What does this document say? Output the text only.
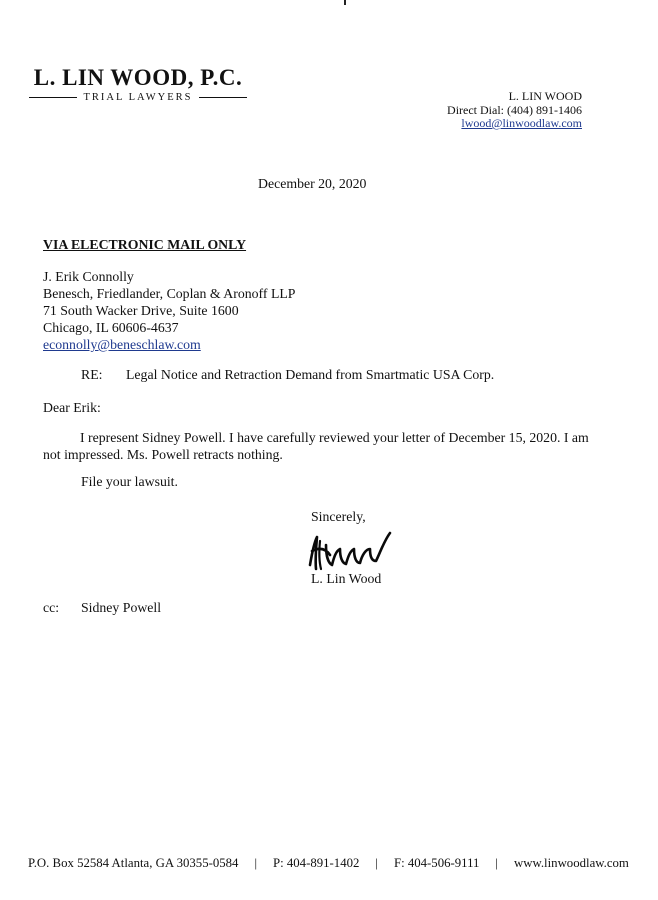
L. LIN WOOD, P.C.
TRIAL LAWYERS	L. LIN WOOD
Direct Dial: (404) 891-1406
lwood@linwoodlaw.com
December 20, 2020
VIA ELECTRONIC MAIL ONLY
J. Erik Connolly
Benesch, Friedlander, Coplan & Aronoff LLP
71 South Wacker Drive, Suite 1600
Chicago, IL 60606-4637
econnolly@beneschlaw.com
RE: Legal Notice and Retraction Demand from Smartmatic USA Corp.
Dear Erik:
I represent Sidney Powell. I have carefully reviewed your letter of December 15, 2020. I am not impressed. Ms. Powell retracts nothing.
File your lawsuit.
Sincerely,
L. Lin Wood
cc: Sidney Powell
P.O. Box 52584 Atlanta, GA 30355-0584 | P: 404-891-1402 | F: 404-506-9111 | www.linwoodlaw.com
